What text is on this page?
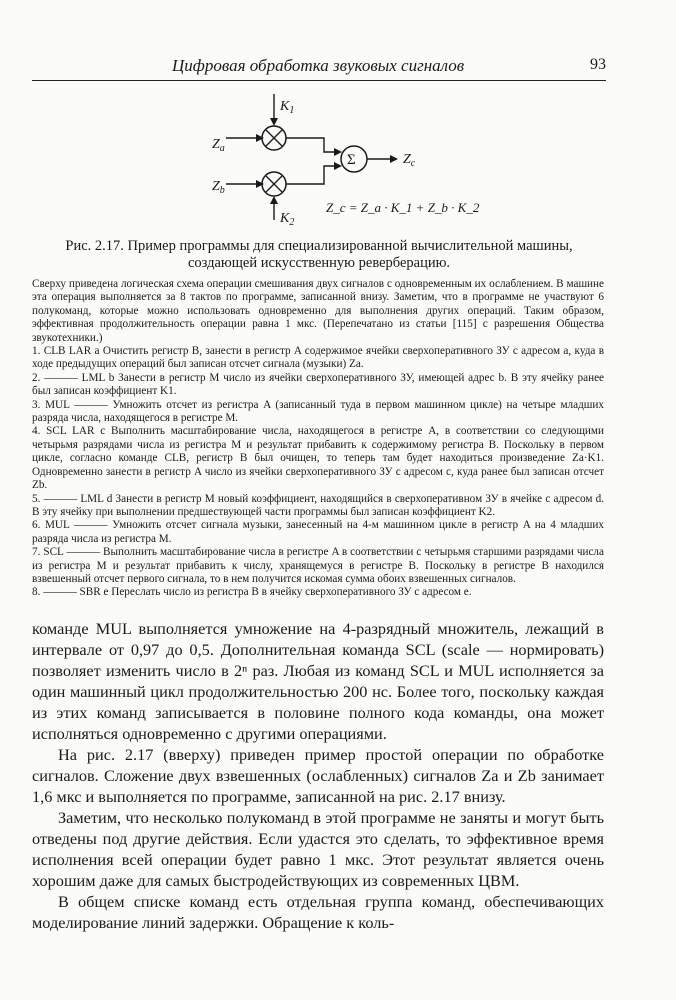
Цифровая обработка звуковых сигналов	93
$Z_a$
$K_1$
$Z_b$
$K_2$
Σ	$Z_c$
Z_c = Z_a · K_1 + Z_b · K_2
Рис. 2.17. Пример программы для специализированной вычислительной машины,
создающей искусственную реверберацию.

Сверху приведена логическая схема операции смешивания двух сигналов с одновременным их ослаблением. В машине эта операция выполняется за 8 тактов по программе, записанной внизу. Заметим, что в программе не участвуют 6 полукоманд, которые можно использовать одновременно для выполнения других операций. Таким образом, эффективная продолжительность операции равна 1 мкс. (Перепечатано из статьи [115] с разрешения Общества звукотехники.)

1. CLB LAR a Очистить регистр B, занести в регистр A содержимое ячейки сверхоперативного ЗУ с адресом a, куда в ходе предыдущих операций был записан отсчет сигнала (музыки) Za.

2. ——— LML b Занести в регистр M число из ячейки сверхоперативного ЗУ, имеющей адрес b. В эту ячейку ранее был записан коэффициент K1.

3. MUL ——— Умножить отсчет из регистра A (записанный туда в первом машинном цикле) на четыре младших разряда числа, находящегося в регистре M.

4. SCL LAR c Выполнить масштабирование числа, находящегося в регистре A, в соответствии со следующими четырьмя разрядами числа из регистра M и результат прибавить к содержимому регистра B. Поскольку в первом цикле, согласно команде CLB, регистр B был очищен, то теперь там будет находиться произведение Za·K1. Одновременно занести в регистр A число из ячейки сверхоперативного ЗУ с адресом c, куда ранее был записан отсчет Zb.

5. ——— LML d Занести в регистр M новый коэффициент, находящийся в сверхоперативном ЗУ в ячейке с адресом d. В эту ячейку при выполнении предшествующей части программы был записан коэффициент K2.

6. MUL ——— Умножить отсчет сигнала музыки, занесенный на 4-м машинном цикле в регистр A на 4 младших разряда числа из регистра M.

7. SCL ——— Выполнить масштабирование числа в регистре A в соответствии с четырьмя старшими разрядами числа из регистра M и результат прибавить к числу, хранящемуся в регистре B. Поскольку в регистре B находился взвешенный отсчет первого сигнала, то в нем получится искомая сумма обоих взвешенных сигналов.

8. ——— SBR e Переслать число из регистра B в ячейку сверхоперативного ЗУ с адресом e.

команде MUL выполняется умножение на 4-разрядный множитель, лежащий в интервале от 0,97 до 0,5. Дополнительная команда SCL (scale — нормировать) позволяет изменить число в 2ⁿ раз. Любая из команд SCL и MUL исполняется за один машинный цикл продолжительностью 200 нс. Более того, поскольку каждая из этих команд записывается в половине полного кода команды, она может исполняться одновременно с другими операциями.

На рис. 2.17 (вверху) приведен пример простой операции по обработке сигналов. Сложение двух взвешенных (ослабленных) сигналов Za и Zb занимает 1,6 мкс и выполняется по программе, записанной на рис. 2.17 внизу.

Заметим, что несколько полукоманд в этой программе не заняты и могут быть отведены под другие действия. Если удастся это сделать, то эффективное время исполнения всей операции будет равно 1 мкс. Этот результат является очень хорошим даже для самых быстродействующих из современных ЦВМ.

В общем списке команд есть отдельная группа команд, обеспечивающих моделирование линий задержки. Обращение к коль-
